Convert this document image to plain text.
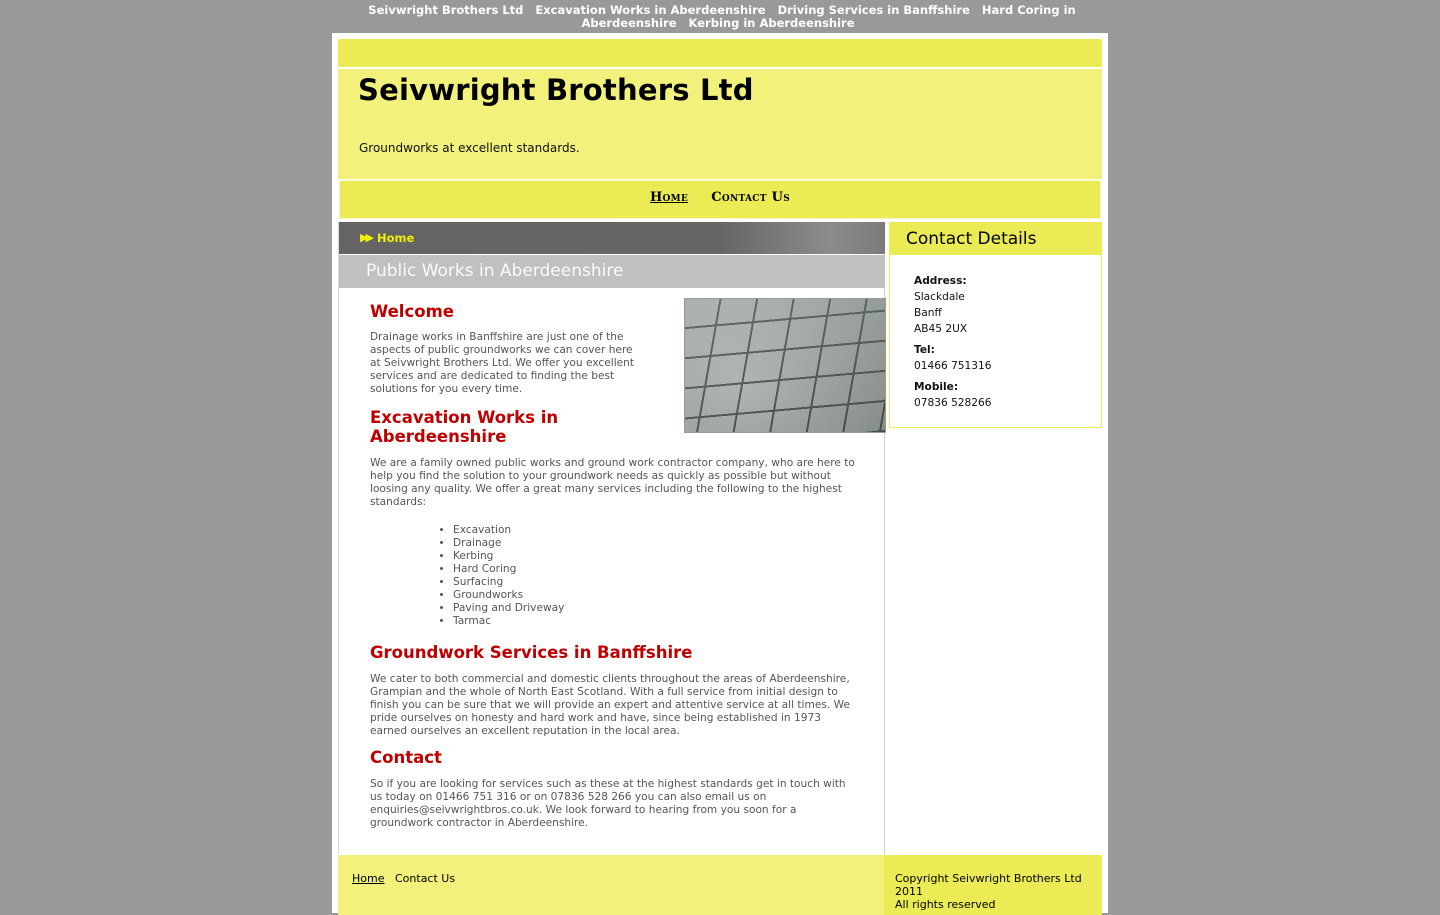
Seivwright Brothers Ltd Excavation Works in Aberdeenshire Driving Services in Banffshire Hard Coring in Aberdeenshire Kerbing in Aberdeenshire
Seivwright Brothers Ltd
Groundworks at excellent standards.
Home Contact Us
▶▶ Home
Public Works in Aberdeenshire
Welcome

Drainage works in Banffshire are just one of the aspects of public groundworks we can cover here at Seivwright Brothers Ltd. We offer you excellent services and are dedicated to finding the best solutions for you every time.

Excavation Works in Aberdeenshire

We are a family owned public works and ground work contractor company, who are here to help you find the solution to your groundwork needs as quickly as possible but without loosing any quality. We offer a great many services including the following to the highest standards:

• Excavation
• Drainage
• Kerbing
• Hard Coring
• Surfacing
• Groundworks
• Paving and Driveway
• Tarmac
Groundwork Services in Banffshire

We cater to both commercial and domestic clients throughout the areas of Aberdeenshire, Grampian and the whole of North East Scotland. With a full service from initial design to finish you can be sure that we will provide an expert and attentive service at all times. We pride ourselves on honesty and hard work and have, since being established in 1973 earned ourselves an excellent reputation in the local area.

Contact

So if you are looking for services such as these at the highest standards get in touch with us today on 01466 751 316 or on 07836 528 266 you can also email us on enquiries@seivwrightbros.co.uk. We look forward to hearing from you soon for a groundwork contractor in Aberdeenshire.

Contact Details
Address:
Slackdale
Banff
AB45 2UX
Tel:
01466 751316
Mobile:
07836 528266
Home Contact Us	Copyright Seivwright Brothers Ltd 2011
All rights reserved
